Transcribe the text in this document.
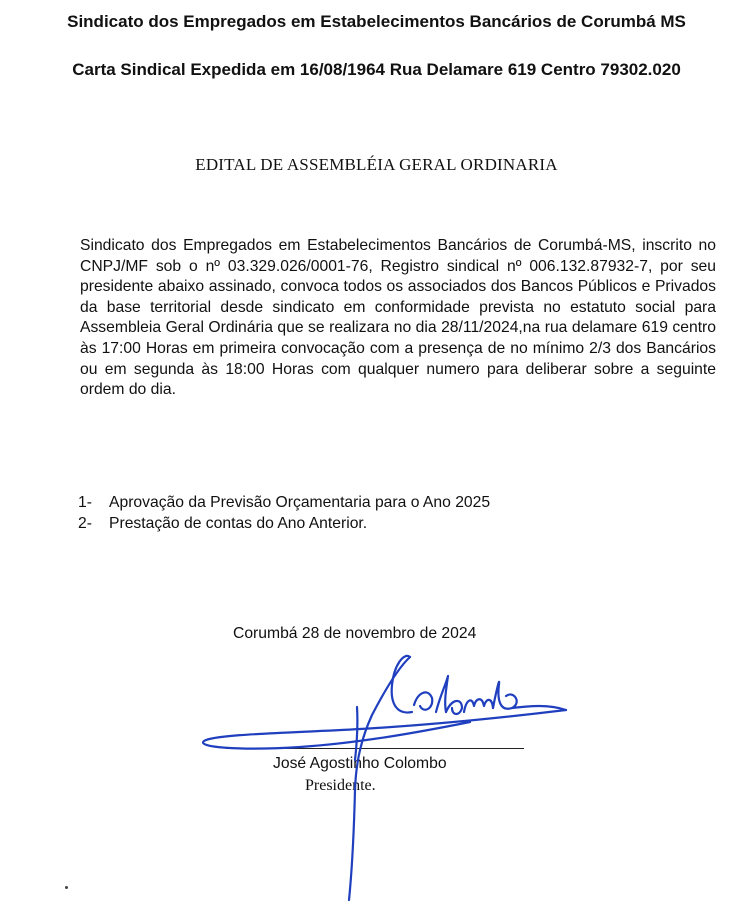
Sindicato dos Empregados em Estabelecimentos Bancários de Corumbá MS
Carta Sindical Expedida em 16/08/1964 Rua Delamare 619 Centro 79302.020
EDITAL DE ASSEMBLÉIA GERAL ORDINARIA
Sindicato dos Empregados em Estabelecimentos Bancários de Corumbá-MS, inscrito no CNPJ/MF sob o nº 03.329.026/0001-76, Registro sindical nº 006.132.87932-7, por seu presidente abaixo assinado, convoca todos os associados dos Bancos Públicos e Privados da base territorial desde sindicato em conformidade prevista no estatuto social para Assembleia Geral Ordinária que se realizara no dia 28/11/2024,na rua delamare 619 centro às 17:00 Horas em primeira convocação com a presença de no mínimo 2/3 dos Bancários ou em segunda às 18:00 Horas com qualquer numero para deliberar sobre a seguinte ordem do dia.
1- Aprovação da Previsão Orçamentaria para o Ano 2025
2- Prestação de contas do Ano Anterior.
Corumbá 28 de novembro de 2024
José Agostinho Colombo
Presidente.
